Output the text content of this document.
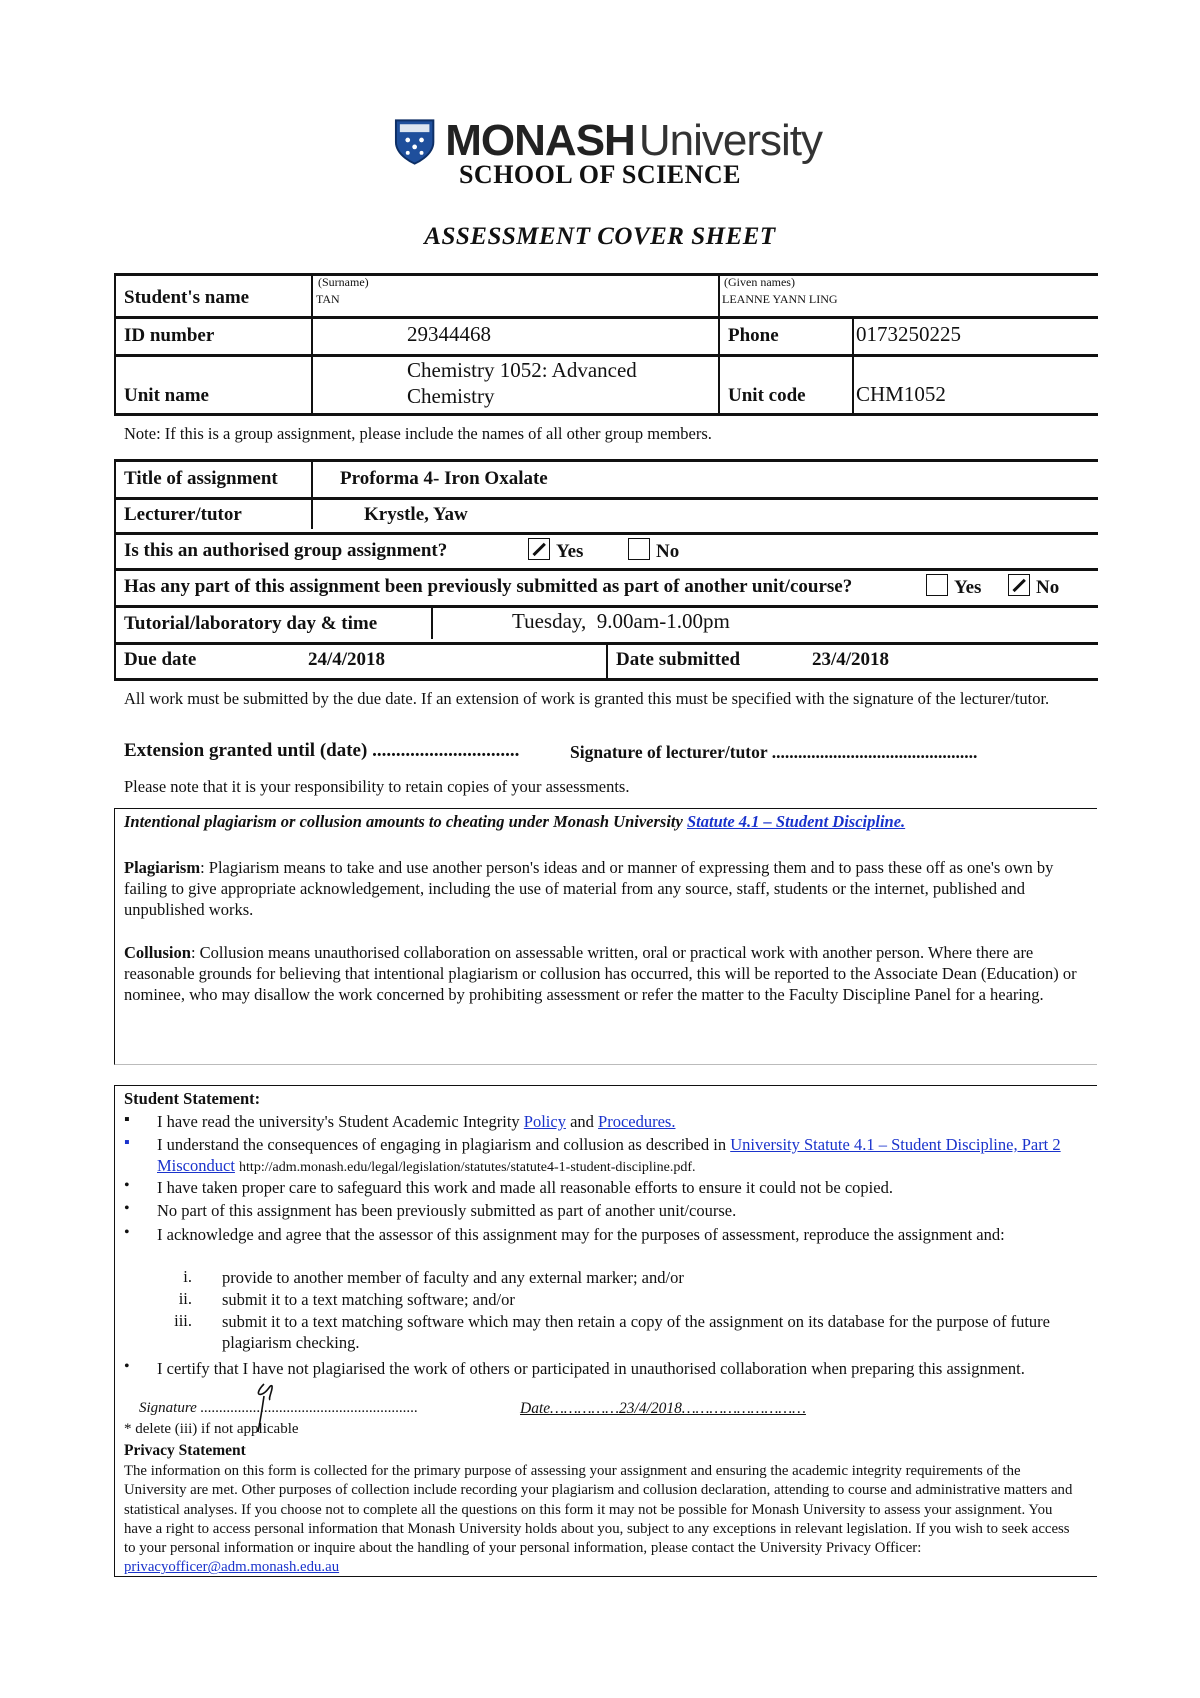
MONASH University
SCHOOL OF SCIENCE
ASSESSMENT COVER SHEET
Student's name
(Surname)
TAN
(Given names)
LEANNE YANN LING
ID number	29344468	Phone	0173250225
Unit name
Chemistry 1052: Advanced
Chemistry	Unit code CHM1052
Note: If this is a group assignment, please include the names of all other group members.
Title of assignment	Proforma 4- Iron Oxalate
Lecturer/tutor	Krystle, Yaw
Is this an authorised group assignment?	Yes	No
Has any part of this assignment been previously submitted as part of another unit/course?	Yes	No
Tutorial/laboratory day & time	Tuesday,  9.00am-1.00pm
Due date	24/4/2018	Date submitted	23/4/2018
All work must be submitted by the due date. If an extension of work is granted this must be specified with the signature of the lecturer/tutor.
Extension granted until (date) ...............................	Signature of lecturer/tutor ...............................................
Please note that it is your responsibility to retain copies of your assessments.
Intentional plagiarism or collusion amounts to cheating under Monash University Statute 4.1 – Student Discipline.
Plagiarism: Plagiarism means to take and use another person's ideas and or manner of expressing them and to pass these off as one's own by failing to give appropriate acknowledgement, including the use of material from any source, staff, students or the internet, published and unpublished works.
Collusion: Collusion means unauthorised collaboration on assessable written, oral or practical work with another person. Where there are reasonable grounds for believing that intentional plagiarism or collusion has occurred, this will be reported to the Associate Dean (Education) or nominee, who may disallow the work concerned by prohibiting assessment or refer the matter to the Faculty Discipline Panel for a hearing.
Student Statement:
▪ I have read the university's Student Academic Integrity Policy and Procedures.
▪ I understand the consequences of engaging in plagiarism and collusion as described in University Statute 4.1 – Student Discipline, Part 2 Misconduct http://adm.monash.edu/legal/legislation/statutes/statute4-1-student-discipline.pdf.
• I have taken proper care to safeguard this work and made all reasonable efforts to ensure it could not be copied.
• No part of this assignment has been previously submitted as part of another unit/course.
• I acknowledge and agree that the assessor of this assignment may for the purposes of assessment, reproduce the assignment and:
i. provide to another member of faculty and any external marker; and/or
ii. submit it to a text matching software; and/or
iii. submit it to a text matching software which may then retain a copy of the assignment on its database for the purpose of future plagiarism checking.
• I certify that I have not plagiarised the work of others or participated in unauthorised collaboration when preparing this assignment.
Signature ..........................................................	Date……………23/4/2018………………………
* delete (iii) if not applicable
Privacy Statement
The information on this form is collected for the primary purpose of assessing your assignment and ensuring the academic integrity requirements of the University are met. Other purposes of collection include recording your plagiarism and collusion declaration, attending to course and administrative matters and statistical analyses. If you choose not to complete all the questions on this form it may not be possible for Monash University to assess your assignment. You have a right to access personal information that Monash University holds about you, subject to any exceptions in relevant legislation. If you wish to seek access to your personal information or inquire about the handling of your personal information, please contact the University Privacy Officer: privacyofficer@adm.monash.edu.au
